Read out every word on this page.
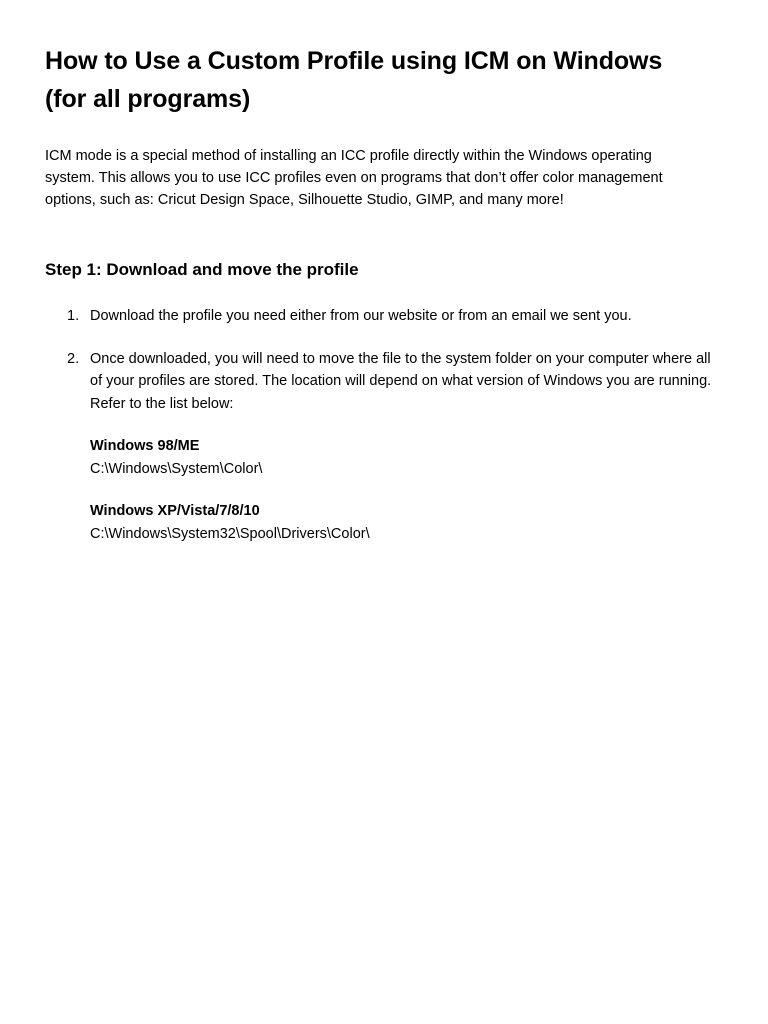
How to Use a Custom Profile using ICM on Windows
(for all programs)

ICM mode is a special method of installing an ICC profile directly within the Windows operating system. This allows you to use ICC profiles even on programs that don’t offer color management options, such as: Cricut Design Space, Silhouette Studio, GIMP, and many more!

Step 1: Download and move the profile
1. Download the profile you need either from our website or from an email we sent you.
2. Once downloaded, you will need to move the file to the system folder on your computer where all of your profiles are stored. The location will depend on what version of Windows you are running. Refer to the list below:
Windows 98/ME
C:\Windows\System\Color\
Windows XP/Vista/7/8/10
C:\Windows\System32\Spool\Drivers\Color\
